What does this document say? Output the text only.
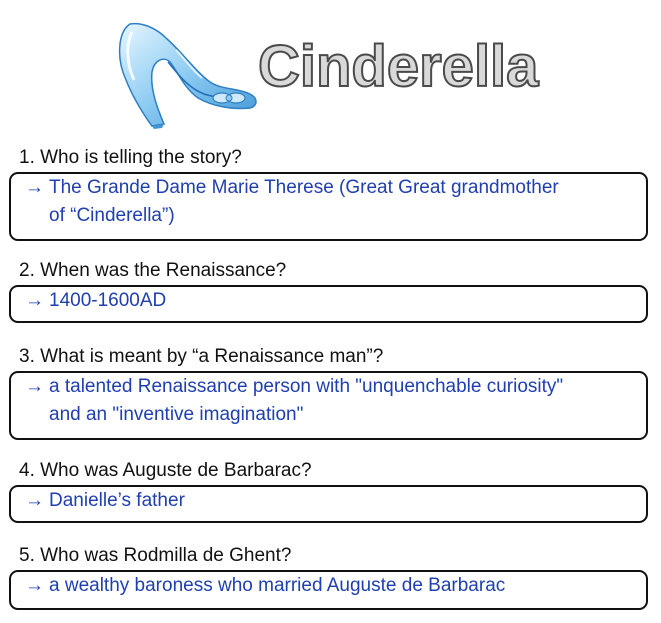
Cinderella
1. Who is telling the story?
→ The Grande Dame Marie Therese (Great Great grandmother
of “Cinderella”)
2. When was the Renaissance?
→ 1400-1600AD
3. What is meant by “a Renaissance man”?
→ a talented Renaissance person with "unquenchable curiosity"
and an "inventive imagination"
4. Who was Auguste de Barbarac?
→ Danielle’s father
5. Who was Rodmilla de Ghent?
→ a wealthy baroness who married Auguste de Barbarac
